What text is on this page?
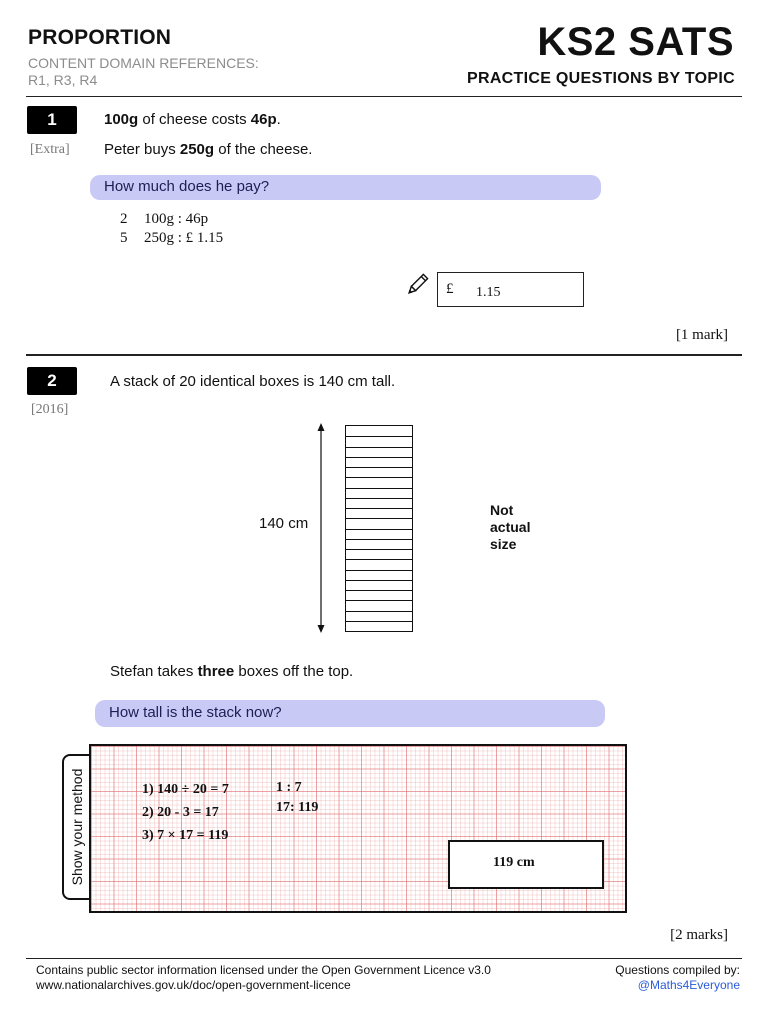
PROPORTION
CONTENT DOMAIN REFERENCES:
R1, R3, R4
KS2 SATS
PRACTICE QUESTIONS BY TOPIC
1
[Extra]
100g of cheese costs 46p.
Peter buys 250g of the cheese.
How much does he pay?
2 100g : 46p
5 250g : £ 1.15
£ 1.15
[1 mark]
2
[2016]
A stack of 20 identical boxes is 140 cm tall.
140 cm
Not
actual
size
Stefan takes three boxes off the top.
How tall is the stack now?
Show your method	1) 140 ÷ 20 = 7
2) 20 - 3 = 17
3) 7 × 17 = 119
1 : 7
17: 119
119 cm
[2 marks]
Contains public sector information licensed under the Open Government Licence v3.0
www.nationalarchives.gov.uk/doc/open-government-licence
Questions compiled by:
@Maths4Everyone
